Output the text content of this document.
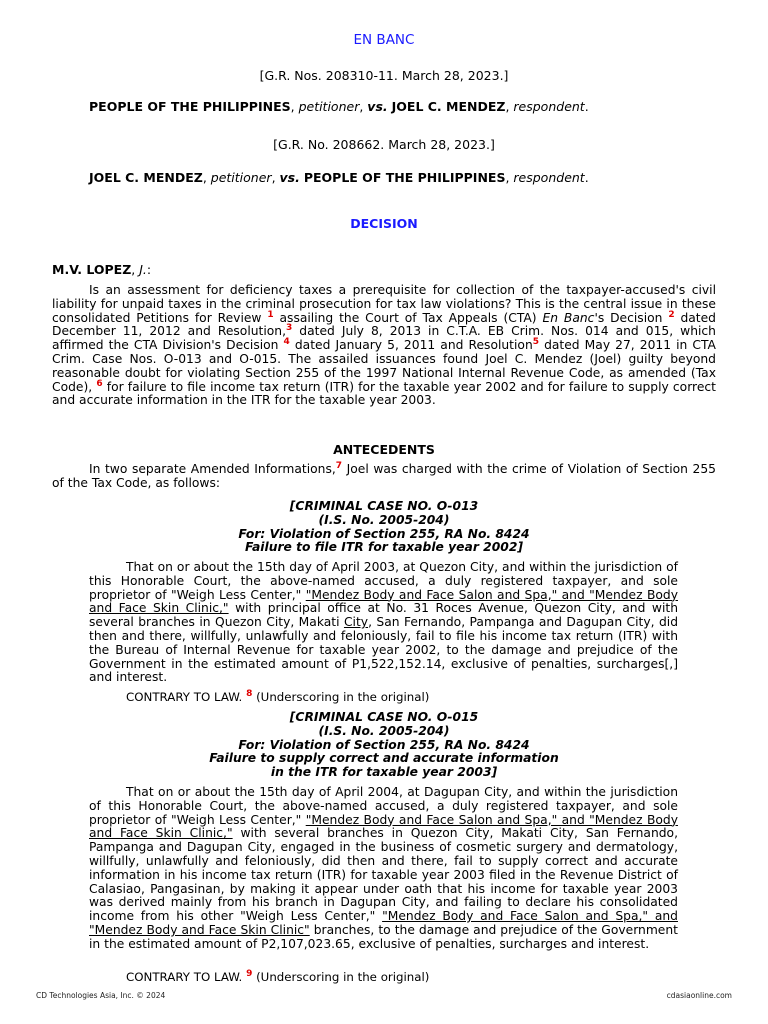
EN BANC
[G.R. Nos. 208310-11. March 28, 2023.]
PEOPLE OF THE PHILIPPINES, petitioner, vs. JOEL C. MENDEZ, respondent.
[G.R. No. 208662. March 28, 2023.]
JOEL C. MENDEZ, petitioner, vs. PEOPLE OF THE PHILIPPINES, respondent.
DECISION
M.V. LOPEZ, J.:
Is an assessment for deficiency taxes a prerequisite for collection of the taxpayer-accused's civil liability for unpaid taxes in the criminal prosecution for tax law violations? This is the central issue in these consolidated Petitions for Review $^1$ assailing the Court of Tax Appeals (CTA) En Banc's Decision $^2$ dated December 11, 2012 and Resolution,$^3$ dated July 8, 2013 in C.T.A. EB Crim. Nos. 014 and 015, which affirmed the CTA Division's Decision $^4$ dated January 5, 2011 and Resolution$^5$ dated May 27, 2011 in CTA Crim. Case Nos. O-013 and O-015. The assailed issuances found Joel C. Mendez (Joel) guilty beyond reasonable doubt for violating Section 255 of the 1997 National Internal Revenue Code, as amended (Tax Code), $^6$ for failure to file income tax return (ITR) for the taxable year 2002 and for failure to supply correct and accurate information in the ITR for the taxable year 2003.
ANTECEDENTS
In two separate Amended Informations,$^7$ Joel was charged with the crime of Violation of Section 255 of the Tax Code, as follows:
[CRIMINAL CASE NO. O-013
(I.S. No. 2005-204)
For: Violation of Section 255, RA No. 8424
Failure to file ITR for taxable year 2002]
That on or about the 15th day of April 2003, at Quezon City, and within the jurisdiction of this Honorable Court, the above-named accused, a duly registered taxpayer, and sole proprietor of "Weigh Less Center," "Mendez Body and Face Salon and Spa," and "Mendez Body and Face Skin Clinic," with principal office at No. 31 Roces Avenue, Quezon City, and with several branches in Quezon City, Makati City, San Fernando, Pampanga and Dagupan City, did then and there, willfully, unlawfully and feloniously, fail to file his income tax return (ITR) with the Bureau of Internal Revenue for taxable year 2002, to the damage and prejudice of the Government in the estimated amount of P1,522,152.14, exclusive of penalties, surcharges[,] and interest.
CONTRARY TO LAW. $^8$ (Underscoring in the original)
[CRIMINAL CASE NO. O-015
(I.S. No. 2005-204)
For: Violation of Section 255, RA No. 8424
Failure to supply correct and accurate information
in the ITR for taxable year 2003]
That on or about the 15th day of April 2004, at Dagupan City, and within the jurisdiction of this Honorable Court, the above-named accused, a duly registered taxpayer, and sole proprietor of "Weigh Less Center," "Mendez Body and Face Salon and Spa," and "Mendez Body and Face Skin Clinic," with several branches in Quezon City, Makati City, San Fernando, Pampanga and Dagupan City, engaged in the business of cosmetic surgery and dermatology, willfully, unlawfully and feloniously, did then and there, fail to supply correct and accurate information in his income tax return (ITR) for taxable year 2003 filed in the Revenue District of Calasiao, Pangasinan, by making it appear under oath that his income for taxable year 2003 was derived mainly from his branch in Dagupan City, and failing to declare his consolidated income from his other "Weigh Less Center," "Mendez Body and Face Salon and Spa," and "Mendez Body and Face Skin Clinic" branches, to the damage and prejudice of the Government in the estimated amount of P2,107,023.65, exclusive of penalties, surcharges and interest.
CONTRARY TO LAW. $^9$ (Underscoring in the original)
CD Technologies Asia, Inc. © 2024	cdasiaonline.com
